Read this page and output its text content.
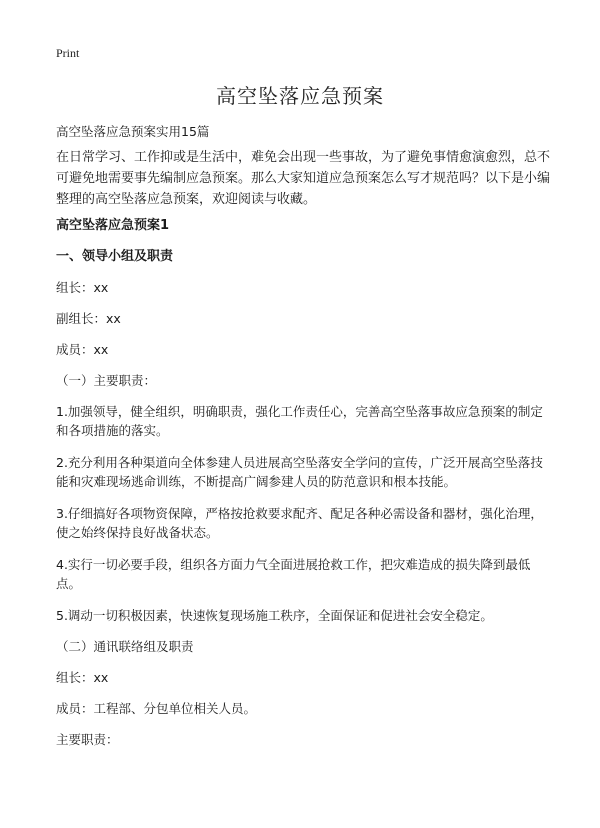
Print
高空坠落应急预案
高空坠落应急预案实用15篇
在日常学习、工作抑或是生活中，难免会出现一些事故，为了避免事情愈演愈烈，总不可避免地需要事先编制应急预案。那么大家知道应急预案怎么写才规范吗？以下是小编整理的高空坠落应急预案，欢迎阅读与收藏。
高空坠落应急预案1
一、领导小组及职责
组长：xx
副组长：xx
成员：xx
（一）主要职责：
1.加强领导，健全组织，明确职责，强化工作责任心，完善高空坠落事故应急预案的制定和各项措施的落实。
2.充分利用各种渠道向全体参建人员进展高空坠落安全学问的宣传，广泛开展高空坠落技能和灾难现场逃命训练，不断提高广阔参建人员的防范意识和根本技能。
3.仔细搞好各项物资保障，严格按抢救要求配齐、配足各种必需设备和器材，强化治理，使之始终保持良好战备状态。
4.实行一切必要手段，组织各方面力气全面进展抢救工作，把灾难造成的损失降到最低点。
5.调动一切积极因素，快速恢复现场施工秩序，全面保证和促进社会安全稳定。
（二）通讯联络组及职责
组长：xx
成员：工程部、分包单位相关人员。
主要职责：
